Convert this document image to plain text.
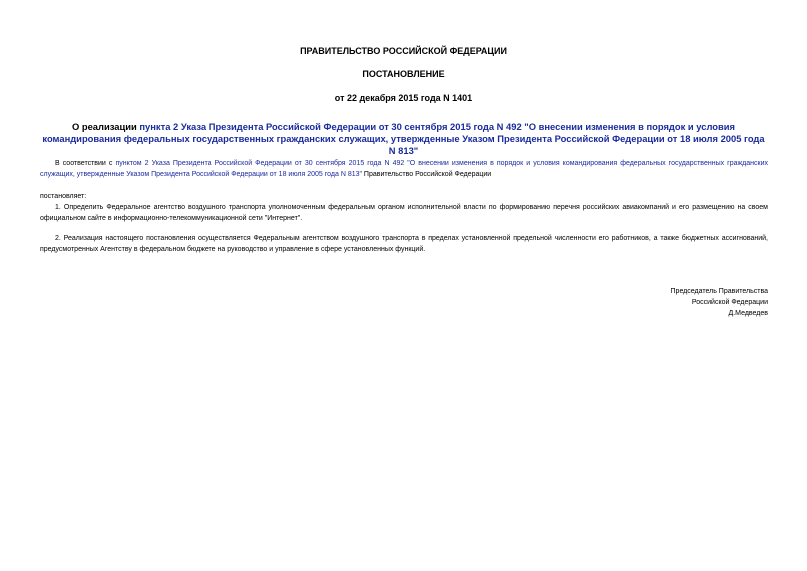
ПРАВИТЕЛЬСТВО РОССИЙСКОЙ ФЕДЕРАЦИИ
ПОСТАНОВЛЕНИЕ
от 22 декабря 2015 года N 1401
О реализации пункта 2 Указа Президента Российской Федерации от 30 сентября 2015 года N 492 "О внесении изменения в порядок и условия командирования федеральных государственных гражданских служащих, утвержденные Указом Президента Российской Федерации от 18 июля 2005 года N 813"
В соответствии с пунктом 2 Указа Президента Российской Федерации от 30 сентября 2015 года N 492 "О внесении изменения в порядок и условия командирования федеральных государственных гражданских служащих, утвержденные Указом Президента Российской Федерации от 18 июля 2005 года N 813" Правительство Российской Федерации
постановляет:
1. Определить Федеральное агентство воздушного транспорта уполномоченным федеральным органом исполнительной власти по формированию перечня российских авиакомпаний и его размещению на своем официальном сайте в информационно-телекоммуникационной сети "Интернет".
2. Реализация настоящего постановления осуществляется Федеральным агентством воздушного транспорта в пределах установленной предельной численности его работников, а также бюджетных ассигнований, предусмотренных Агентству в федеральном бюджете на руководство и управление в сфере установленных функций.
Председатель Правительства
Российской Федерации
Д.Медведев
